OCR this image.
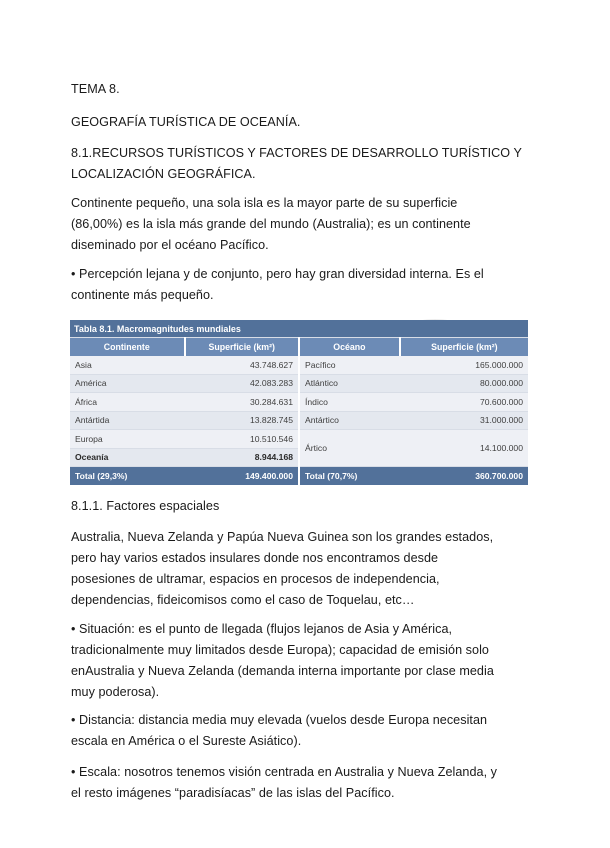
TEMA 8.

GEOGRAFÍA TURÍSTICA DE OCEANÍA.

8.1.RECURSOS TURÍSTICOS Y FACTORES DE DESARROLLO TURÍSTICO Y
LOCALIZACIÓN GEOGRÁFICA.

Continente pequeño, una sola isla es la mayor parte de su superficie
(86,00%) es la isla más grande del mundo (Australia); es un continente
diseminado por el océano Pacífico.

• Percepción lejana y de conjunto, pero hay gran diversidad interna. Es el
continente más pequeño.

Tabla 8.1. Macromagnitudes mundiales			
Continente	Superficie (km²)	Océano	Superficie (km²)
Asia	43.748.627	Pacífico	165.000.000
América	42.083.283	Atlántico	80.000.000
África	30.284.631	Índico	70.600.000
Antártida	13.828.745	Antártico	31.000.000
Europa	10.510.546	Ártico	14.100.000
Oceanía	8.944.168		
Total (29,3%)	149.400.000	Total (70,7%)	360.700.000

8.1.1. Factores espaciales

Australia, Nueva Zelanda y Papúa Nueva Guinea son los grandes estados,
pero hay varios estados insulares donde nos encontramos desde
posesiones de ultramar, espacios en procesos de independencia,
dependencias, fideicomisos como el caso de Toquelau, etc…

• Situación: es el punto de llegada (flujos lejanos de Asia y América,
tradicionalmente muy limitados desde Europa); capacidad de emisión solo
enAustralia y Nueva Zelanda (demanda interna importante por clase media
muy poderosa).

• Distancia: distancia media muy elevada (vuelos desde Europa necesitan
escala en América o el Sureste Asiático).

• Escala: nosotros tenemos visión centrada en Australia y Nueva Zelanda, y
el resto imágenes “paradisíacas” de las islas del Pacífico.
